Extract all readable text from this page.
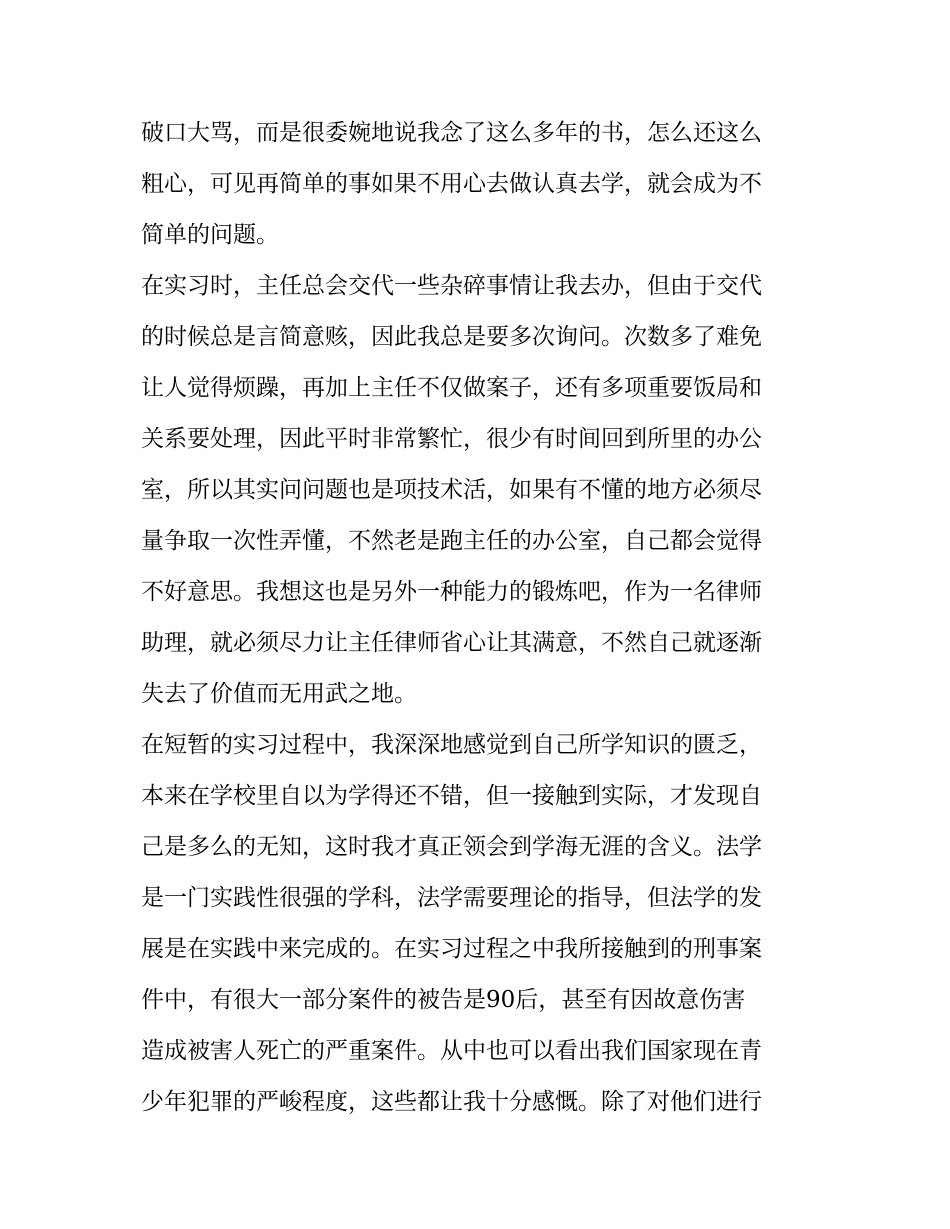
破口大骂，而是很委婉地说我念了这么多年的书，怎么还这么
粗心，可见再简单的事如果不用心去做认真去学，就会成为不
简单的问题。
在实习时，主任总会交代一些杂碎事情让我去办，但由于交代
的时候总是言简意赅，因此我总是要多次询问。次数多了难免
让人觉得烦躁，再加上主任不仅做案子，还有多项重要饭局和
关系要处理，因此平时非常繁忙，很少有时间回到所里的办公
室，所以其实问问题也是项技术活，如果有不懂的地方必须尽
量争取一次性弄懂，不然老是跑主任的办公室，自己都会觉得
不好意思。我想这也是另外一种能力的锻炼吧，作为一名律师
助理，就必须尽力让主任律师省心让其满意，不然自己就逐渐
失去了价值而无用武之地。
在短暂的实习过程中，我深深地感觉到自己所学知识的匮乏，
本来在学校里自以为学得还不错，但一接触到实际，才发现自
己是多么的无知，这时我才真正领会到学海无涯的含义。法学
是一门实践性很强的学科，法学需要理论的指导，但法学的发
展是在实践中来完成的。在实习过程之中我所接触到的刑事案
件中，有很大一部分案件的被告是90后，甚至有因故意伤害
造成被害人死亡的严重案件。从中也可以看出我们国家现在青
少年犯罪的严峻程度，这些都让我十分感慨。除了对他们进行
